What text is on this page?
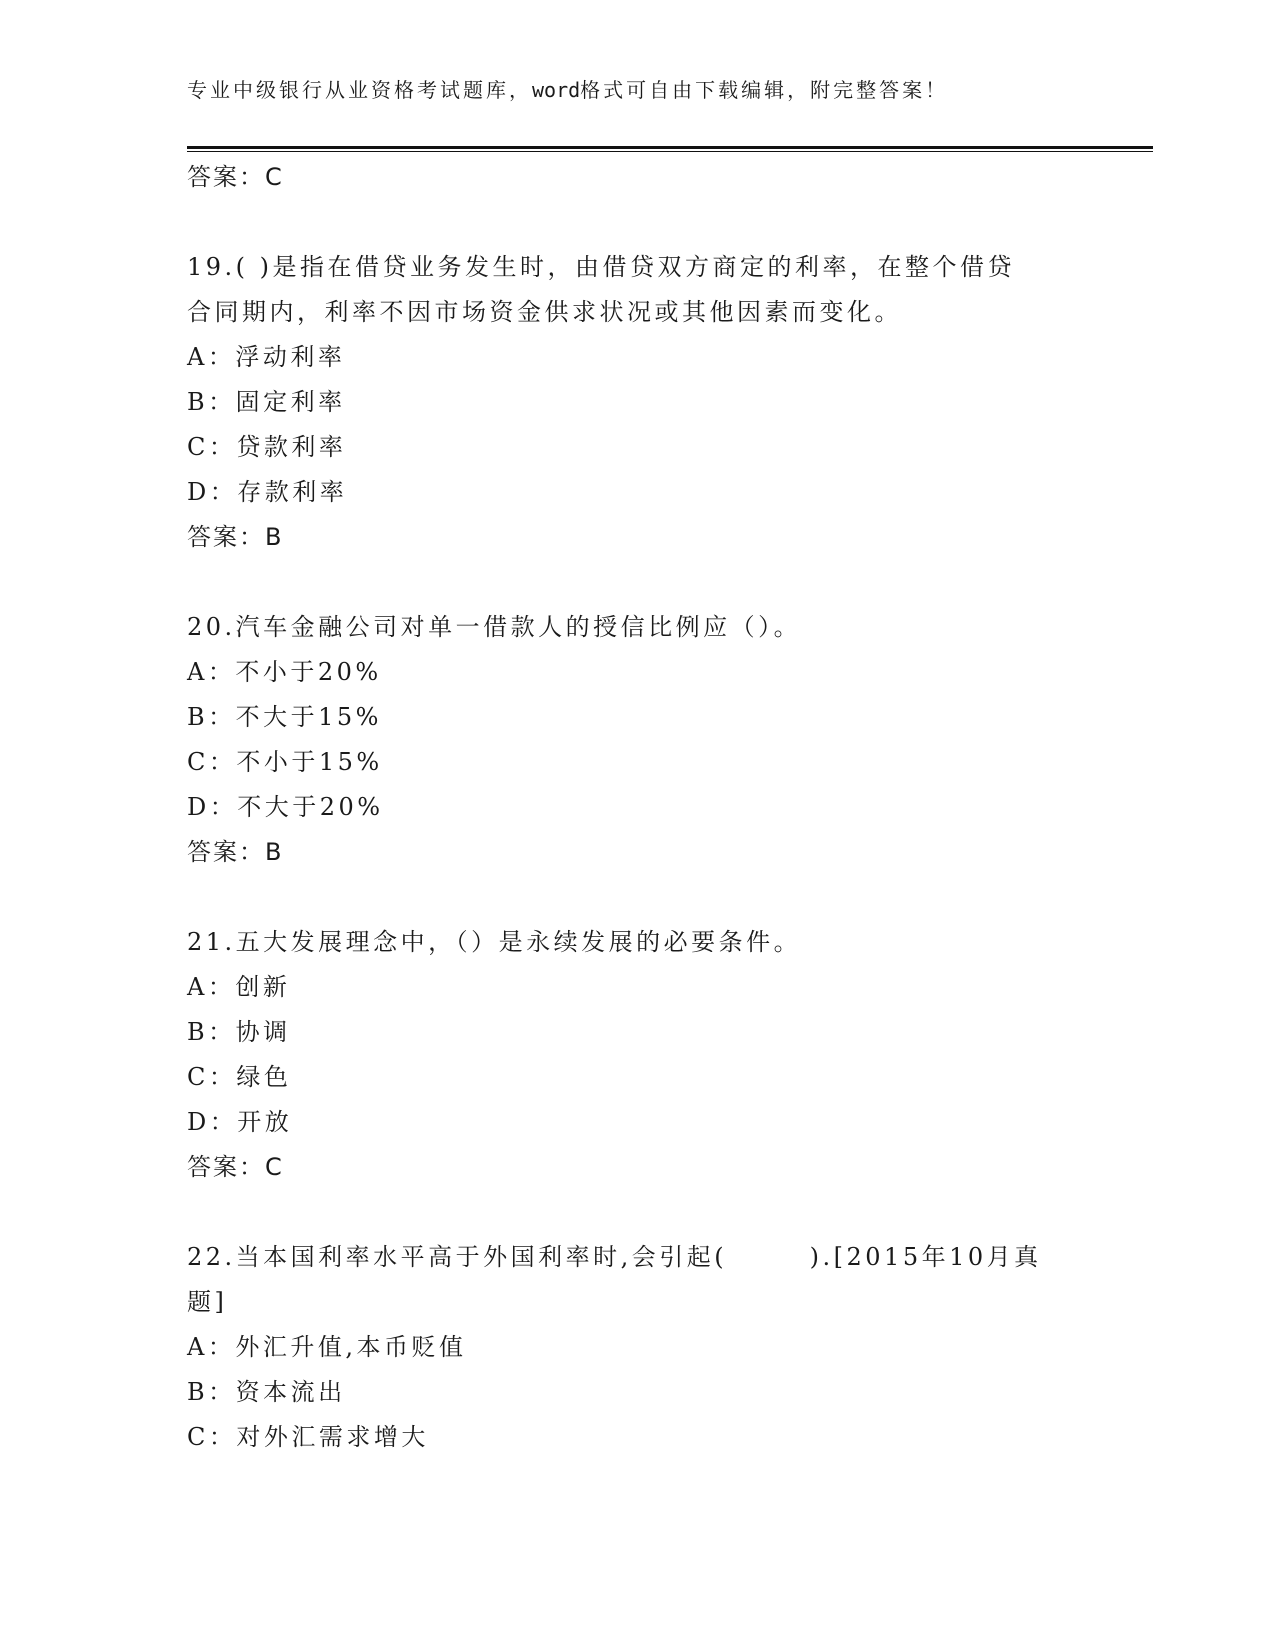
专业中级银行从业资格考试题库，word格式可自由下载编辑，附完整答案！
答案：C
19.( )是指在借贷业务发生时，由借贷双方商定的利率，在整个借贷
合同期内，利率不因市场资金供求状况或其他因素而变化。
A：浮动利率
B：固定利率
C：贷款利率
D：存款利率
答案：B
20.汽车金融公司对单一借款人的授信比例应（）。
A：不小于20%
B：不大于15%
C：不小于15%
D：不大于20%
答案：B
21.五大发展理念中，（）是永续发展的必要条件。
A：创新
B：协调
C：绿色
D：开放
答案：C
22.当本国利率水平高于外国利率时,会引起(　　　).[2015年10月真
题]
A：外汇升值,本币贬值
B：资本流出
C：对外汇需求增大
